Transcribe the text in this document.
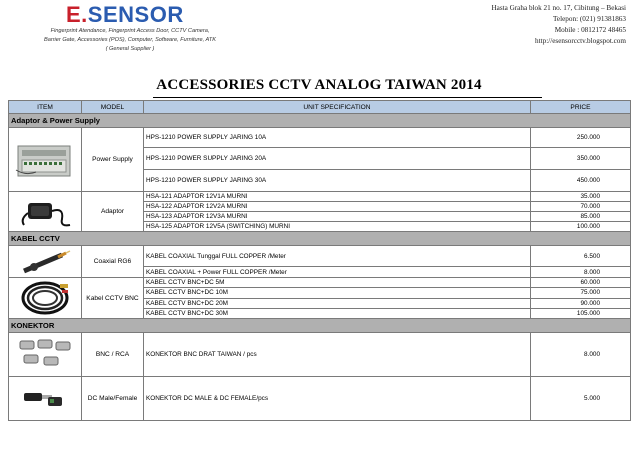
E.SENSOR
Fingerprint Atendance, Fingerprint Access Door, CCTV Camera,
Barrier Gate, Accessories (POS), Computer, Software, Furniture, ATK
( General Supplier )
Hasta Graha blok 21 no. 17, Cibitung – Bekasi
Telepon: (021) 91381863
Mobile : 0812172 48465
http://esensorcctv.blogspot.com
ACCESSORIES CCTV ANALOG TAIWAN 2014
ITEM	MODEL	UNIT SPECIFICATION	PRICE
Adaptor & Power Supply			

	Power Supply	HPS-1210 POWER SUPPLY JARING 10A	250.000
		HPS-1210 POWER SUPPLY JARING 20A	350.000
		HPS-1210 POWER SUPPLY JARING 30A	450.000

	Adaptor	HSA-121 ADAPTOR 12V1A MURNI	35.000
		HSA-122 ADAPTOR 12V2A MURNI	70.000
		HSA-123 ADAPTOR 12V3A MURNI	85.000
		HSA-125 ADAPTOR 12V5A (SWITCHING) MURNI	100.000
KABEL CCTV			

	Coaxial RG6	KABEL COAXIAL Tunggal FULL COPPER /Meter	6.500
		KABEL COAXIAL + Power FULL COPPER /Meter	8.000

	Kabel CCTV BNC	KABEL CCTV BNC+DC 5M	60.000
		KABEL CCTV BNC+DC 10M	75.000
		KABEL CCTV BNC+DC 20M	90.000
		KABEL CCTV BNC+DC 30M	105.000
KONEKTOR			

	BNC / RCA	KONEKTOR BNC DRAT TAIWAN / pcs	8.000

	DC Male/Female	KONEKTOR DC MALE & DC FEMALE/pcs	5.000
